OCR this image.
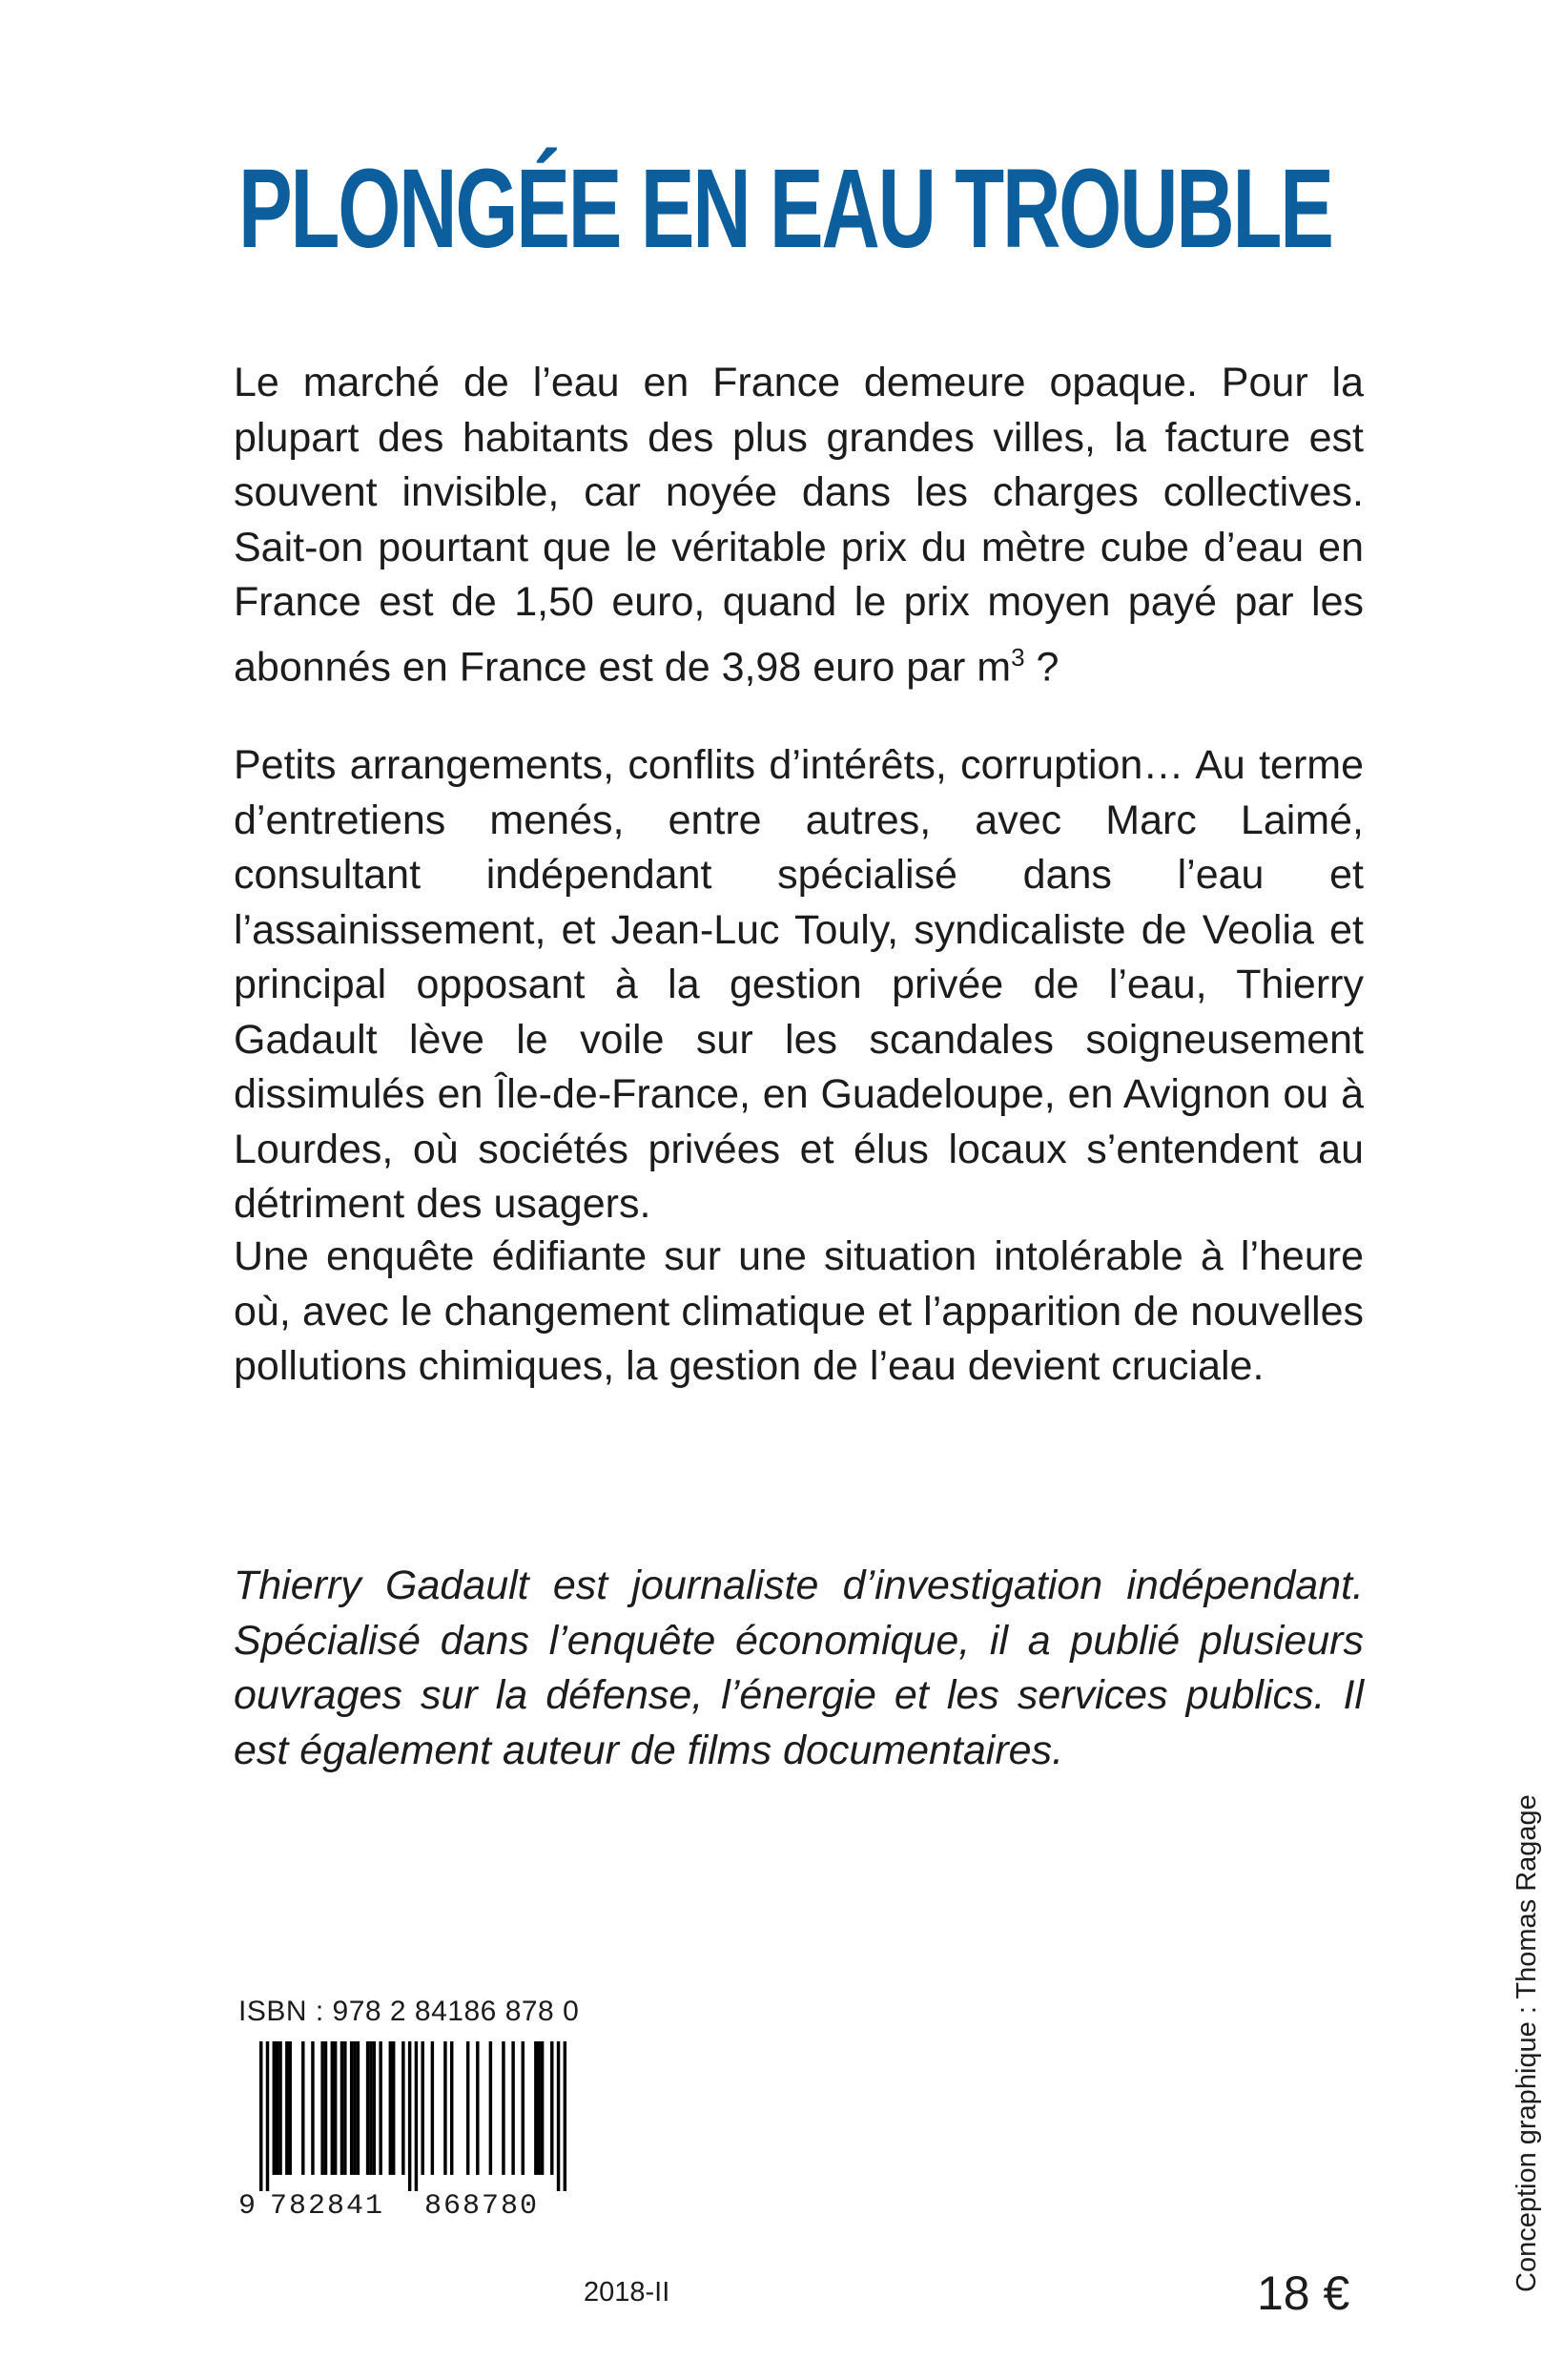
PLONGÉE EN EAU TROUBLE

Le marché de l’eau en France demeure opaque. Pour la plupart des habitants des plus grandes villes, la facture est souvent invisible, car noyée dans les charges collectives. Sait-on pourtant que le véritable prix du mètre cube d’eau en France est de 1,50 euro, quand le prix moyen payé par les abonnés en France est de 3,98 euro par $m^3$ ?

Petits arrangements, conflits d’intérêts, corruption… Au terme d’entretiens menés, entre autres, avec Marc Laimé, consultant indépendant spécialisé dans l’eau et l’assainissement, et Jean-Luc Touly, syndicaliste de Veolia et principal opposant à la gestion privée de l’eau, Thierry Gadault lève le voile sur les scandales soigneusement dissimulés en Île-de-France, en Guadeloupe, en Avignon ou à Lourdes, où sociétés privées et élus locaux s’entendent au détriment des usagers.

Une enquête édifiante sur une situation intolérable à l’heure où, avec le changement climatique et l’apparition de nouvelles pollutions chimiques, la gestion de l’eau devient cruciale.

Thierry Gadault est journaliste d’investigation indépendant. Spécialisé dans l’enquête économique, il a publié plusieurs ouvrages sur la défense, l’énergie et les services publics. Il est également auteur de films documentaires.

Conception graphique : Thomas Ragage
ISBN : 978 2 84186 878 0
9 782841 868780
2018-II	18 €
